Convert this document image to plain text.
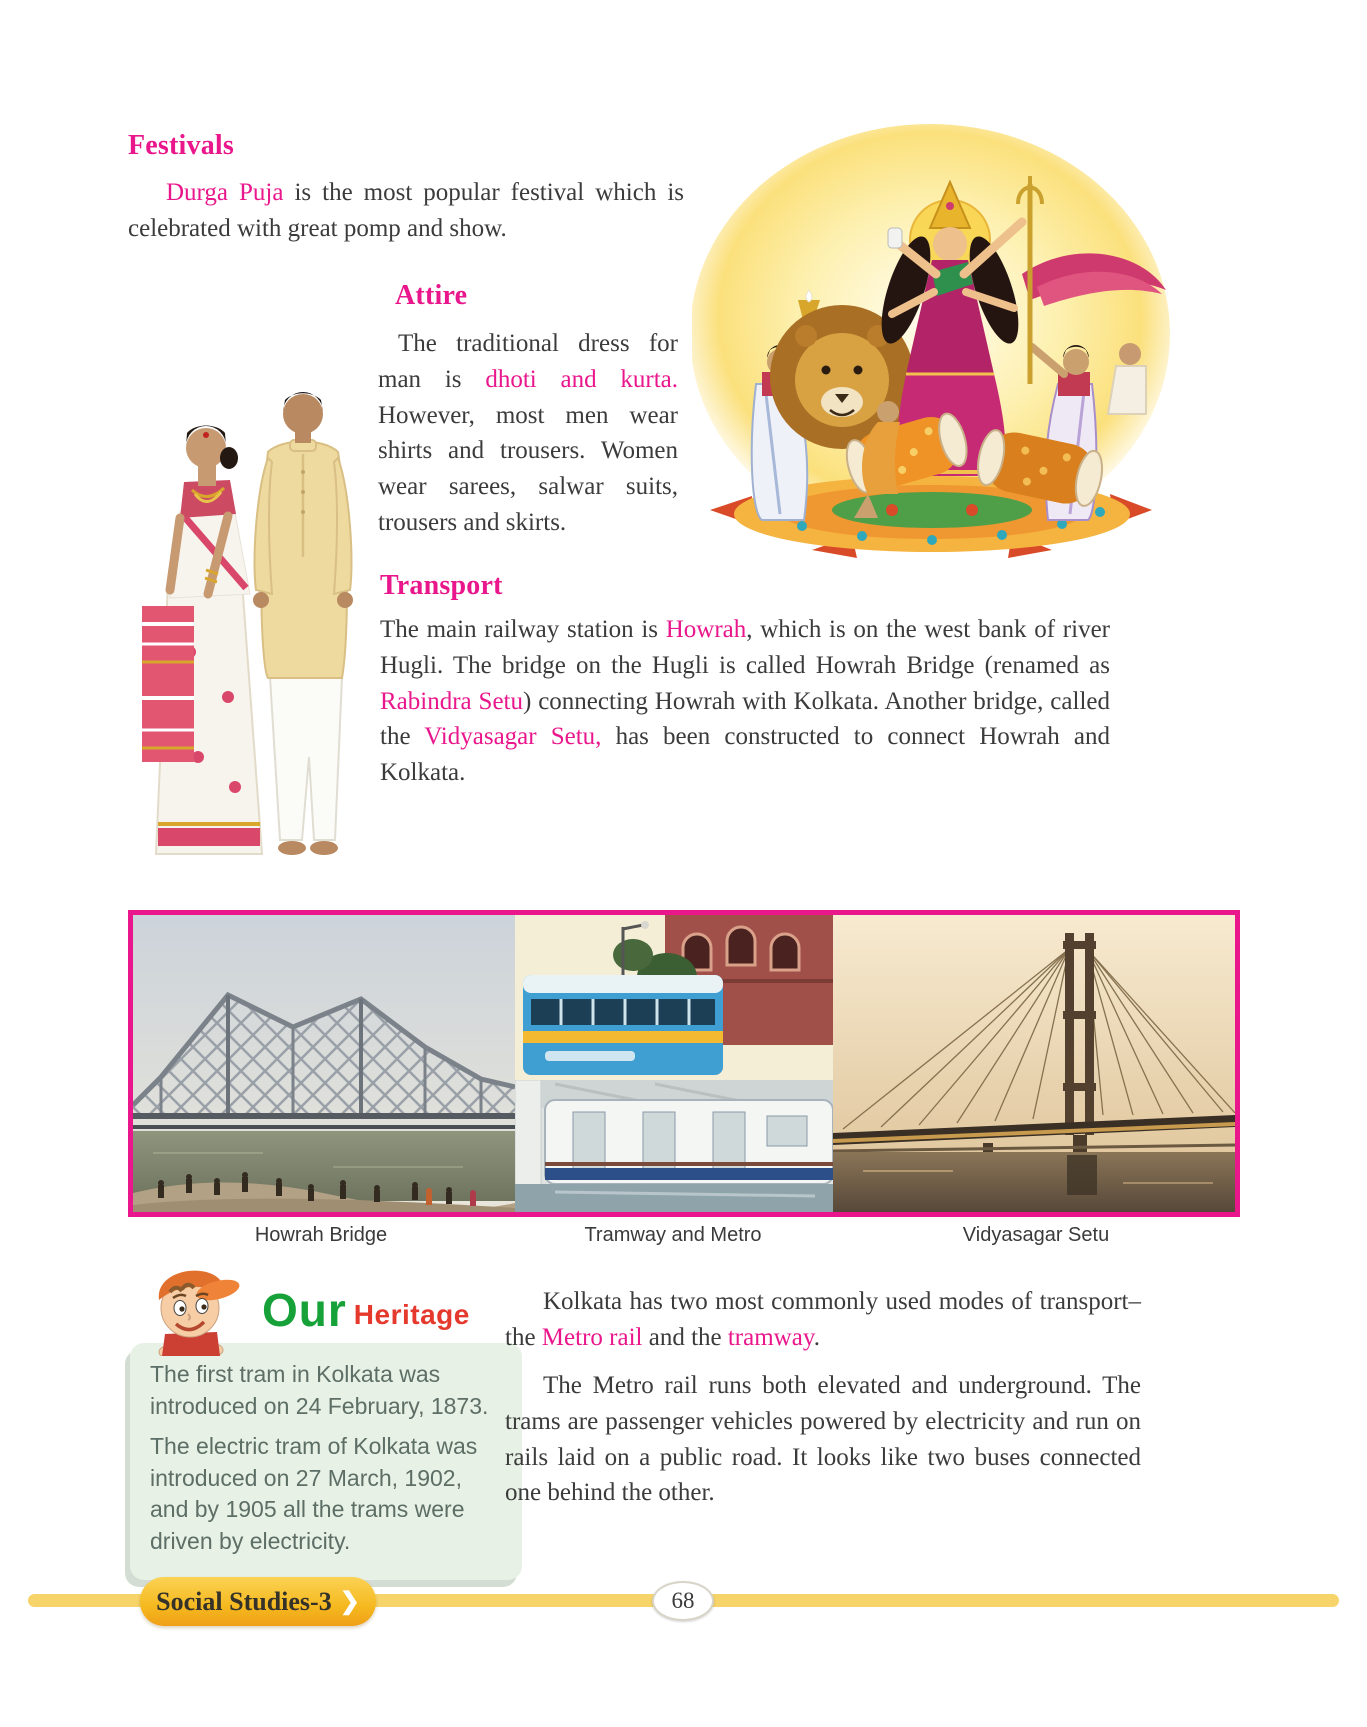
Festivals

Durga Puja is the most popular festival which is celebrated with great pomp and show.

Attire

The traditional dress for man is dhoti and kurta. However, most men wear shirts and trousers. Women wear sarees, salwar suits, trousers and skirts.

Transport

The main railway station is Howrah, which is on the west bank of river Hugli. The bridge on the Hugli is called Howrah Bridge (renamed as Rabindra Setu) connecting Howrah with Kolkata. Another bridge, called the Vidyasagar Setu, has been constructed to connect Howrah and Kolkata.

Howrah Bridge	Tramway and Metro	Vidyasagar Setu

The first tram in Kolkata was introduced on 24 February, 1873.

The electric tram of Kolkata was introduced on 27 March, 1902, and by 1905 all the trams were driven by electricity.

Our Heritage	Kolkata has two most commonly used modes of transport–the Metro rail and the tramway.

The Metro rail runs both elevated and underground. The trams are passenger vehicles powered by electricity and run on rails laid on a public road. It looks like two buses connected one behind the other.

Social Studies-3 ❯	68
